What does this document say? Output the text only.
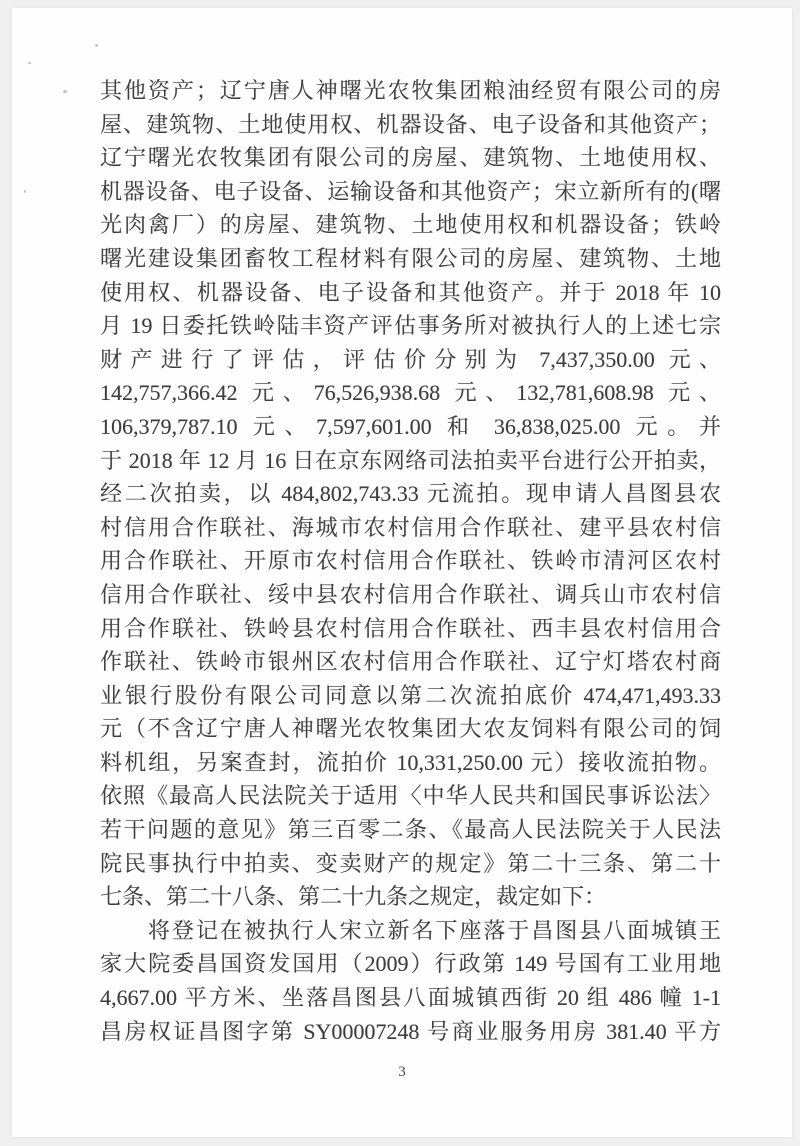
其他资产；辽宁唐人神曙光农牧集团粮油经贸有限公司的房
屋、建筑物、土地使用权、机器设备、电子设备和其他资产；
辽宁曙光农牧集团有限公司的房屋、建筑物、土地使用权、
机器设备、电子设备、运输设备和其他资产；宋立新所有的(曙
光肉禽厂）的房屋、建筑物、土地使用权和机器设备；铁岭
曙光建设集团畜牧工程材料有限公司的房屋、建筑物、土地
使用权、机器设备、电子设备和其他资产。并于 2018 年 10
月 19 日委托铁岭陆丰资产评估事务所对被执行人的上述七宗
财产进行了评估，评估价分别为 7,437,350.00 元、
142,757,366.42 元、76,526,938.68 元、132,781,608.98 元、
106,379,787.10 元、7,597,601.00 和 36,838,025.00 元。并
于 2018 年 12 月 16 日在京东网络司法拍卖平台进行公开拍卖，
经二次拍卖，以 484,802,743.33 元流拍。现申请人昌图县农
村信用合作联社、海城市农村信用合作联社、建平县农村信
用合作联社、开原市农村信用合作联社、铁岭市清河区农村
信用合作联社、绥中县农村信用合作联社、调兵山市农村信
用合作联社、铁岭县农村信用合作联社、西丰县农村信用合
作联社、铁岭市银州区农村信用合作联社、辽宁灯塔农村商
业银行股份有限公司同意以第二次流拍底价 474,471,493.33
元（不含辽宁唐人神曙光农牧集团大农友饲料有限公司的饲
料机组，另案查封，流拍价 10,331,250.00 元）接收流拍物。
依照《最高人民法院关于适用〈中华人民共和国民事诉讼法〉
若干问题的意见》第三百零二条、《最高人民法院关于人民法
院民事执行中拍卖、变卖财产的规定》第二十三条、第二十
七条、第二十八条、第二十九条之规定，裁定如下：
　　将登记在被执行人宋立新名下座落于昌图县八面城镇王
家大院委昌国资发国用（2009）行政第 149 号国有工业用地
4,667.00 平方米、坐落昌图县八面城镇西街 20 组 486 幢 1-1
昌房权证昌图字第 SY00007248 号商业服务用房 381.40 平方
3
